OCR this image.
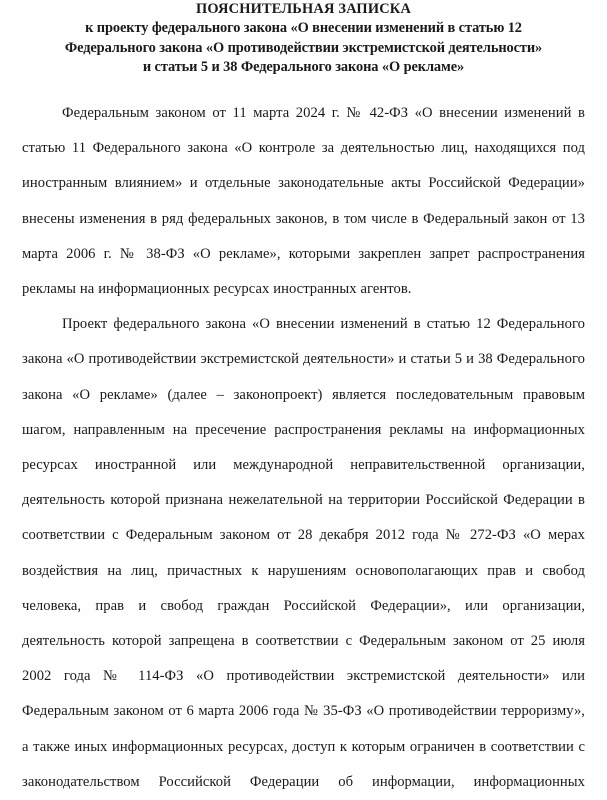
ПОЯСНИТЕЛЬНАЯ ЗАПИСКА
к проекту федерального закона «О внесении изменений в статью 12
Федерального закона «О противодействии экстремистской деятельности»
и статьи 5 и 38 Федерального закона «О рекламе»

Федеральным законом от 11 марта 2024 г. № 42-ФЗ «О внесении изменений в статью 11 Федерального закона «О контроле за деятельностью лиц, находящихся под иностранным влиянием» и отдельные законодательные акты Российской Федерации» внесены изменения в ряд федеральных законов, в том числе в Федеральный закон от 13 марта 2006 г. № 38-ФЗ «О рекламе», которыми закреплен запрет распространения рекламы на информационных ресурсах иностранных агентов.

Проект федерального закона «О внесении изменений в статью 12 Федерального закона «О противодействии экстремистской деятельности» и статьи 5 и 38 Федерального закона «О рекламе» (далее – законопроект) является последовательным правовым шагом, направленным на пресечение распространения рекламы на информационных ресурсах иностранной или международной неправительственной организации, деятельность которой признана нежелательной на территории Российской Федерации в соответствии с Федеральным законом от 28 декабря 2012 года № 272-ФЗ «О мерах воздействия на лиц, причастных к нарушениям основополагающих прав и свобод человека, прав и свобод граждан Российской Федерации», или организации, деятельность которой запрещена в соответствии с Федеральным законом от 25 июля 2002 года № 114-ФЗ «О противодействии экстремистской деятельности» или Федеральным законом от 6 марта 2006 года № 35-ФЗ «О противодействии терроризму», а также иных информационных ресурсах, доступ к которым ограничен в соответствии с законодательством Российской Федерации об информации, информационных
